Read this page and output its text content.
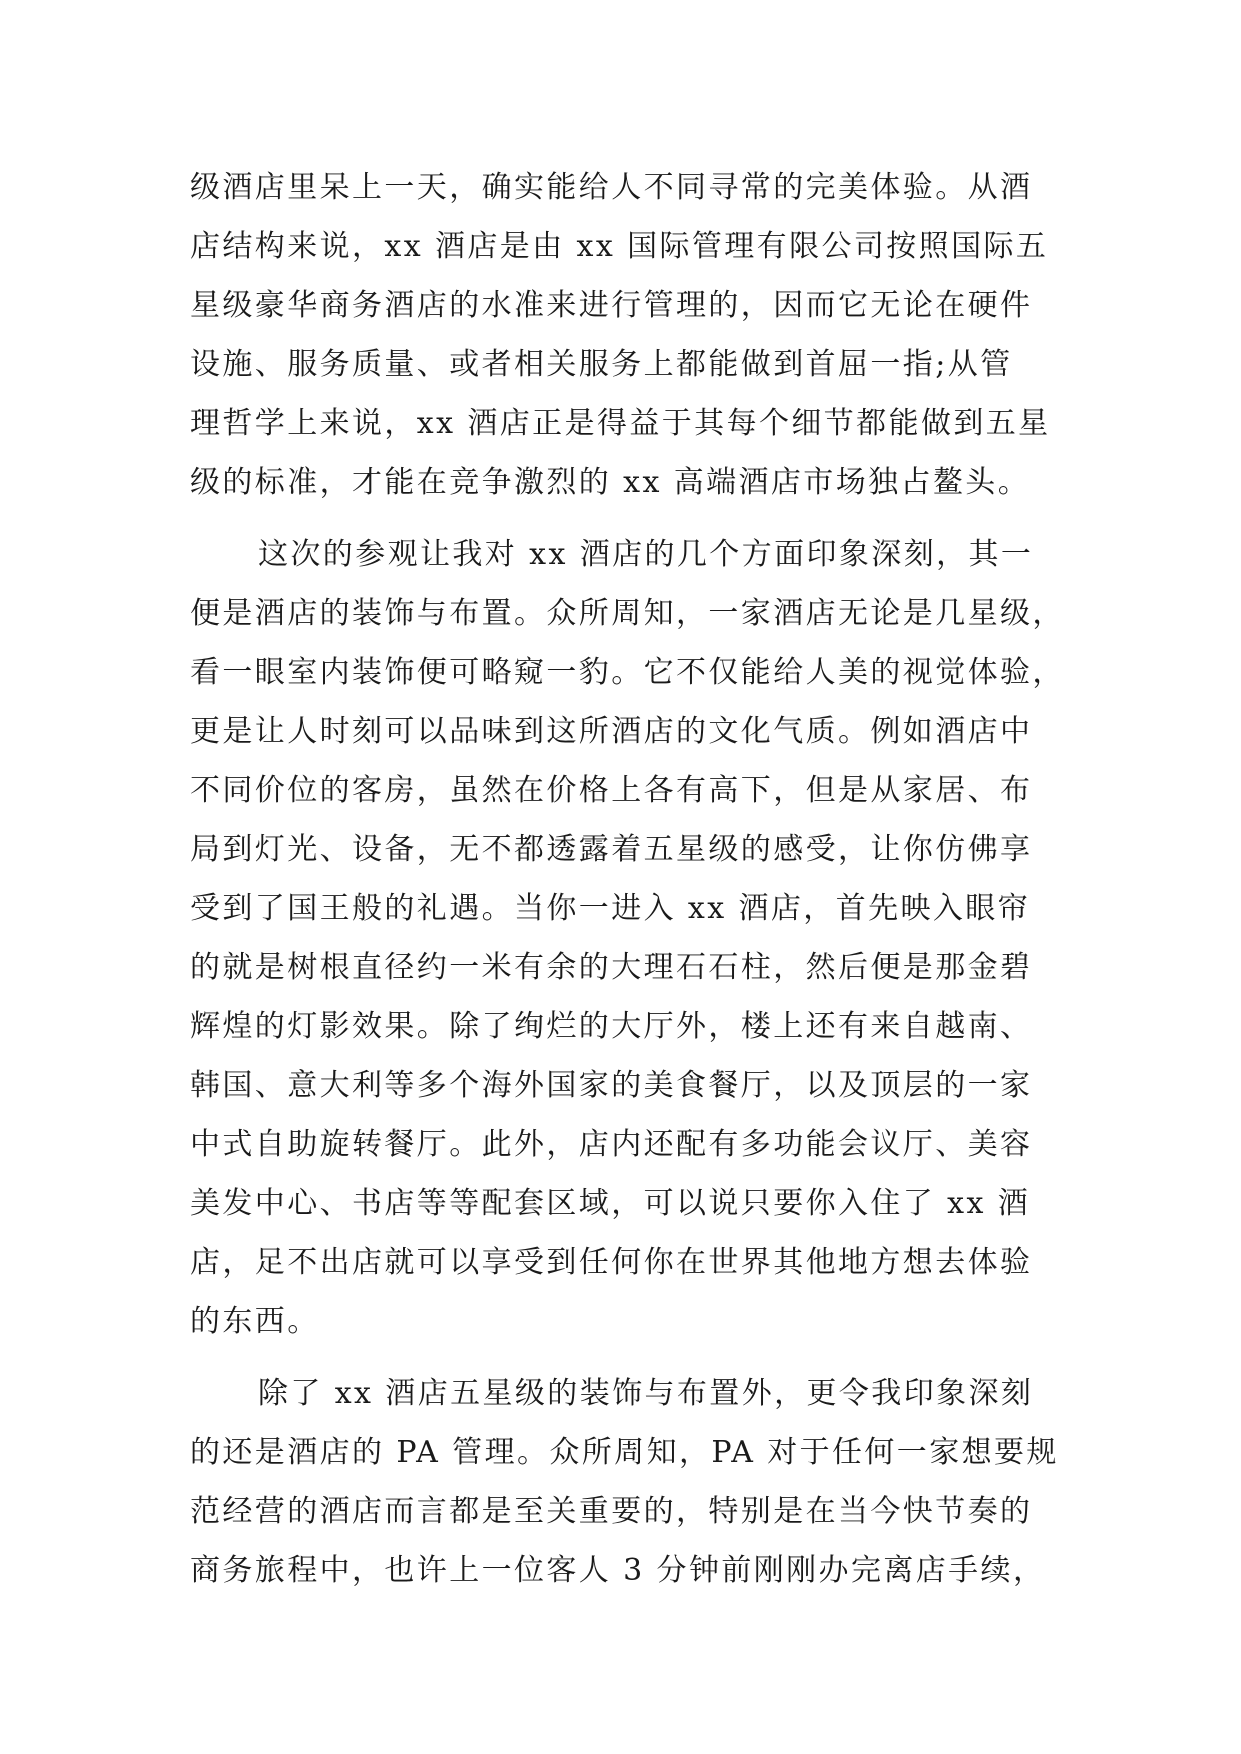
级酒店里呆上一天，确实能给人不同寻常的完美体验。从酒
店结构来说，xx 酒店是由 xx 国际管理有限公司按照国际五
星级豪华商务酒店的水准来进行管理的，因而它无论在硬件
设施、服务质量、或者相关服务上都能做到首屈一指;从管
理哲学上来说，xx 酒店正是得益于其每个细节都能做到五星
级的标准，才能在竞争激烈的 xx 高端酒店市场独占鳌头。
这次的参观让我对 xx 酒店的几个方面印象深刻，其一
便是酒店的装饰与布置。众所周知，一家酒店无论是几星级，
看一眼室内装饰便可略窥一豹。它不仅能给人美的视觉体验，
更是让人时刻可以品味到这所酒店的文化气质。例如酒店中
不同价位的客房，虽然在价格上各有高下，但是从家居、布
局到灯光、设备，无不都透露着五星级的感受，让你仿佛享
受到了国王般的礼遇。当你一进入 xx 酒店，首先映入眼帘
的就是树根直径约一米有余的大理石石柱，然后便是那金碧
辉煌的灯影效果。除了绚烂的大厅外，楼上还有来自越南、
韩国、意大利等多个海外国家的美食餐厅，以及顶层的一家
中式自助旋转餐厅。此外，店内还配有多功能会议厅、美容
美发中心、书店等等配套区域，可以说只要你入住了 xx 酒
店，足不出店就可以享受到任何你在世界其他地方想去体验
的东西。
除了 xx 酒店五星级的装饰与布置外，更令我印象深刻
的还是酒店的 PA 管理。众所周知，PA 对于任何一家想要规
范经营的酒店而言都是至关重要的，特别是在当今快节奏的
商务旅程中，也许上一位客人 3 分钟前刚刚办完离店手续，
